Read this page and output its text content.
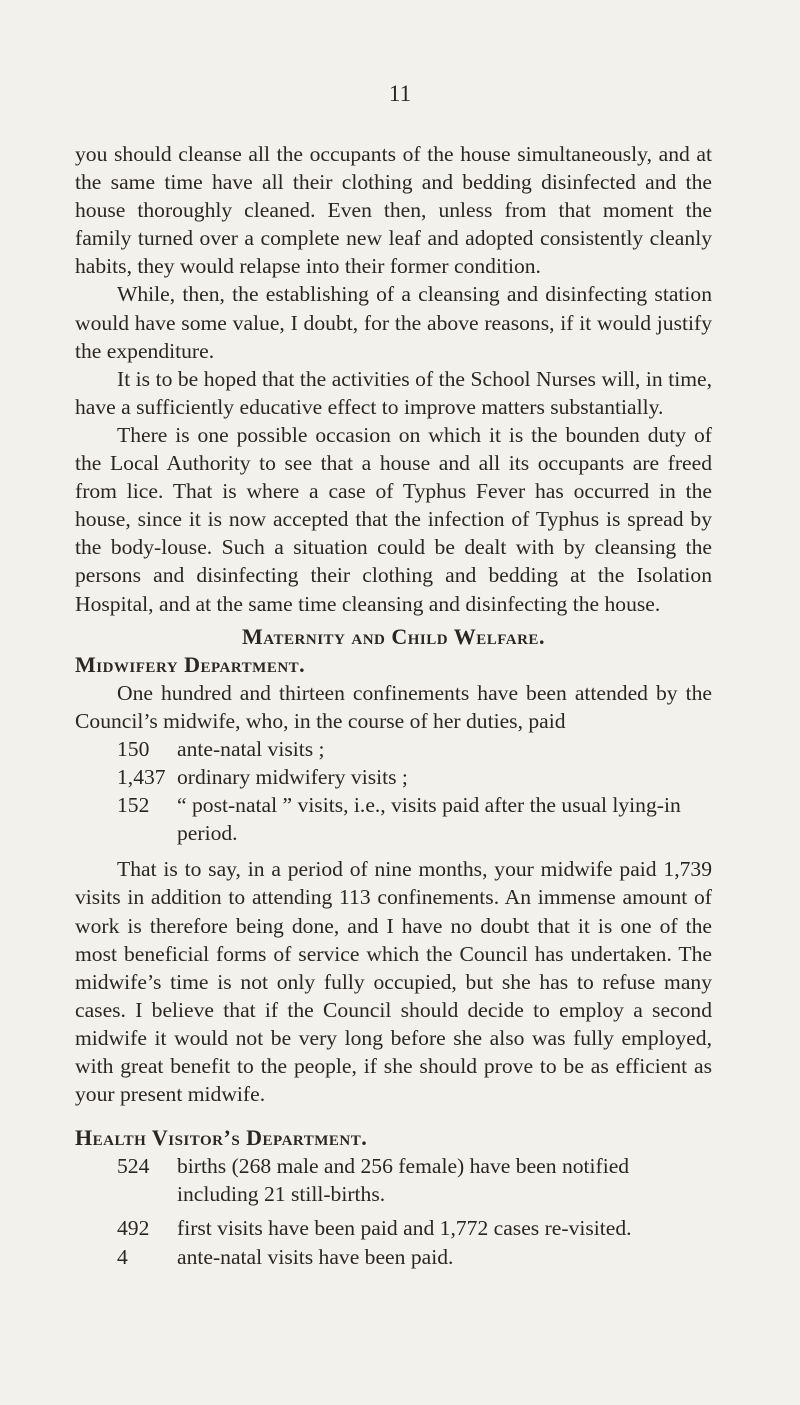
11

you should cleanse all the occupants of the house simultaneously, and at the same time have all their clothing and bedding disinfected and the house thoroughly cleaned. Even then, unless from that moment the family turned over a complete new leaf and adopted consistently cleanly habits, they would relapse into their former condition.

While, then, the establishing of a cleansing and disinfecting station would have some value, I doubt, for the above reasons, if it would justify the expenditure.

It is to be hoped that the activities of the School Nurses will, in time, have a sufficiently educative effect to improve matters substantially.

There is one possible occasion on which it is the bounden duty of the Local Authority to see that a house and all its occupants are freed from lice. That is where a case of Typhus Fever has occurred in the house, since it is now accepted that the infection of Typhus is spread by the body-louse. Such a situation could be dealt with by cleansing the persons and disinfecting their clothing and bedding at the Isolation Hospital, and at the same time cleansing and disinfecting the house.

Maternity and Child Welfare.
Midwifery Department.

One hundred and thirteen confinements have been attended by the Council’s midwife, who, in the course of her duties, paid

150	ante-natal visits ;
1,437 ordinary midwifery visits ;
152	“ post-natal ” visits, i.e., visits paid after the usual lying-in period.

That is to say, in a period of nine months, your midwife paid 1,739 visits in addition to attending 113 confinements. An immense amount of work is therefore being done, and I have no doubt that it is one of the most beneficial forms of service which the Council has undertaken. The midwife’s time is not only fully occupied, but she has to refuse many cases. I believe that if the Council should decide to employ a second midwife it would not be very long before she also was fully employed, with great benefit to the people, if she should prove to be as efficient as your present midwife.

Health Visitor’s Department.
524	births (268 male and 256 female) have been notified including 21 still-births.
492	first visits have been paid and 1,772 cases re-visited.
4	ante-natal visits have been paid.
